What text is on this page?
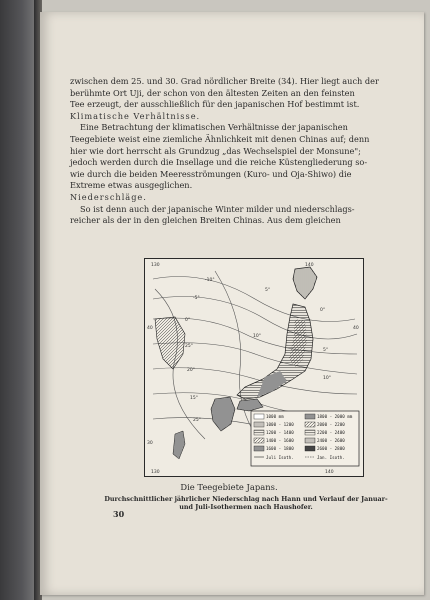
zwischen dem 25. und 30. Grad nördlicher Breite (34). Hier liegt auch der
berühmte Ort Uji, der schon von den ältesten Zeiten an den feinsten
Tee erzeugt, der ausschließlich für den japanischen Hof bestimmt ist.
Klimatische Verhältnisse.
Eine Betrachtung der klimatischen Verhältnisse der japanischen
Teegebiete weist eine ziemliche Ähnlichkeit mit denen Chinas auf; denn
hier wie dort herrscht als Grundzug „das Wechselspiel der Monsune";
jedoch werden durch die Insellage und die reiche Küstengliederung so-
wie durch die beiden Meeresströmungen (Kuro- und Oja-Shiwo) die
Extreme etwas ausgeglichen.
Niederschläge.
So ist denn auch der japanische Winter milder und niederschlags-
reicher als der in den gleichen Breiten Chinas. Aus dem gleichen
-10°
-5°
0°
25°
20°
5°
10°
15°
25°
0°
5°
10°
130	140
130	140
40
30
40
1000 mm
1000 - 1200
1200 - 1400
1400 - 1600
1600 - 1800
Juli Isoth.
1800 - 2000 mm
2000 - 2200
2200 - 2400
2400 - 2600
2600 - 2800
Jan. Isoth.
Die Teegebiete Japans.
Durchschnittlicher jährlicher Niederschlag nach Hann und Verlauf der Januar-
und Juli-Isothermen nach Haushofer.
30
